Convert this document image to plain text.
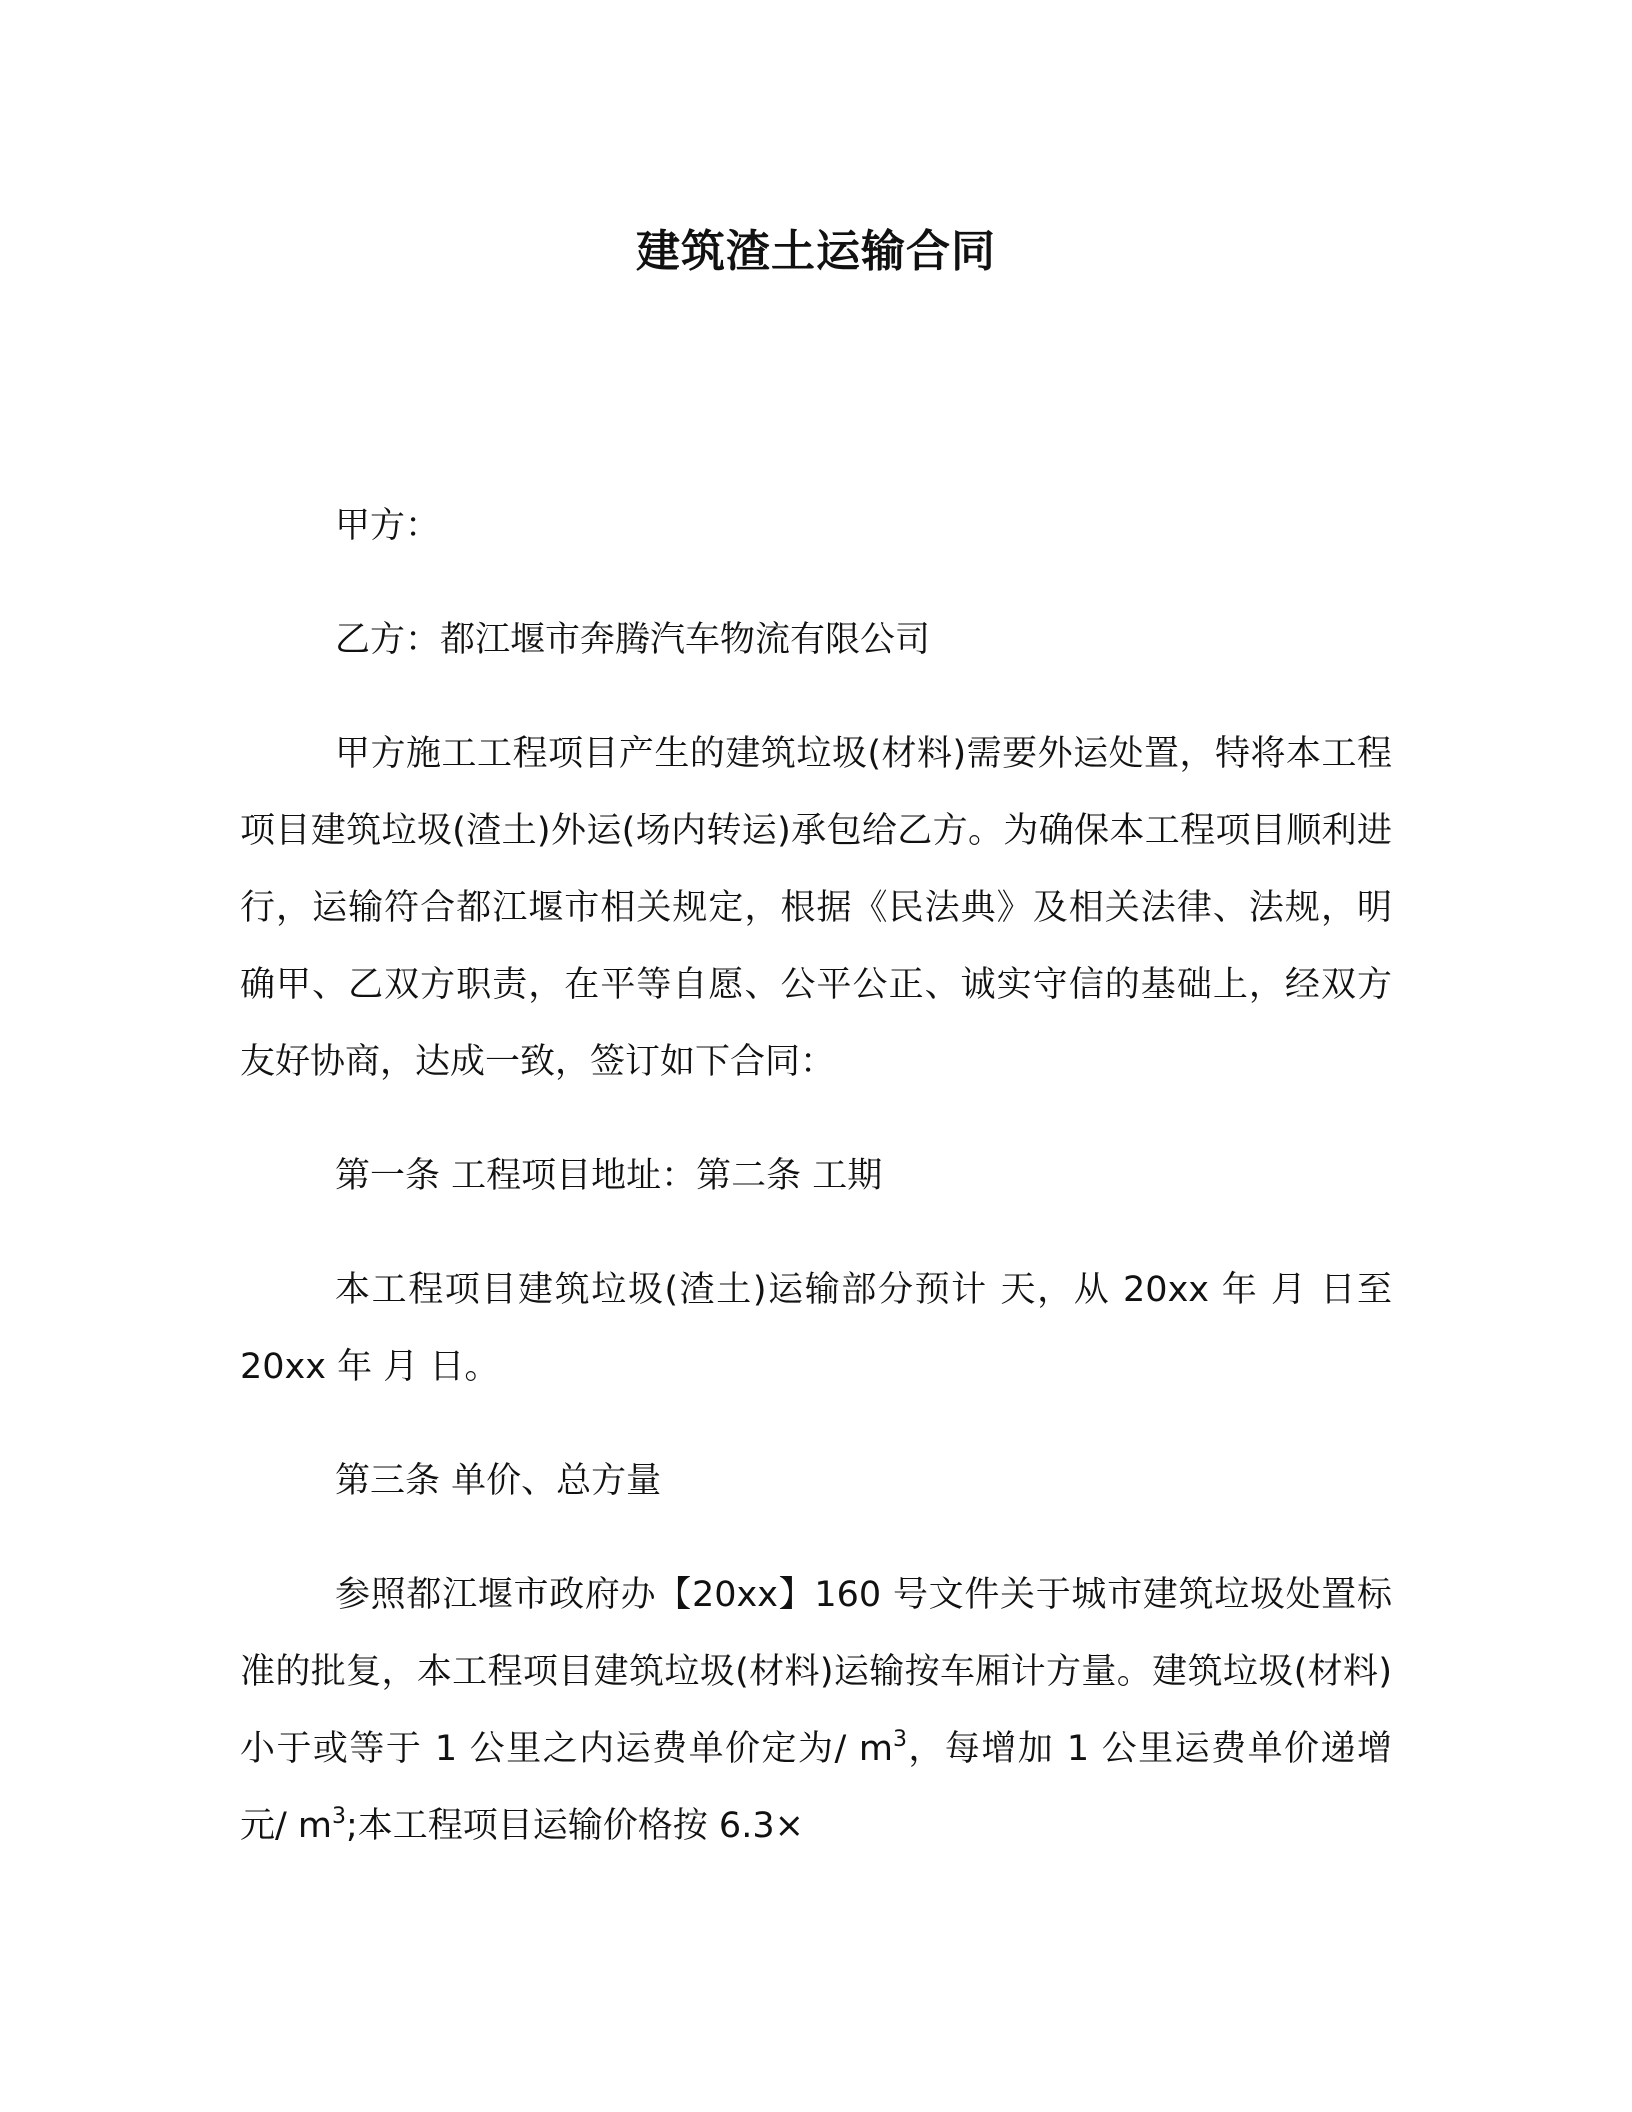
建筑渣土运输合同

甲方：

乙方：都江堰市奔腾汽车物流有限公司

甲方施工工程项目产生的建筑垃圾(材料)需要外运处置，特将本工程项目建筑垃圾(渣土)外运(场内转运)承包给乙方。为确保本工程项目顺利进行，运输符合都江堰市相关规定，根据《民法典》及相关法律、法规，明确甲、乙双方职责，在平等自愿、公平公正、诚实守信的基础上，经双方友好协商，达成一致，签订如下合同：

第一条 工程项目地址：第二条 工期

本工程项目建筑垃圾(渣土)运输部分预计 天，从 20xx 年 月 日至 20xx 年 月 日。

第三条 单价、总方量

参照都江堰市政府办【20xx】160 号文件关于城市建筑垃圾处置标准的批复，本工程项目建筑垃圾(材料)运输按车厢计方量。建筑垃圾(材料)小于或等于 1 公里之内运费单价定为/ $m^3$，每增加 1 公里运费单价递增 元/ $m^3$;本工程项目运输价格按 6.3×
